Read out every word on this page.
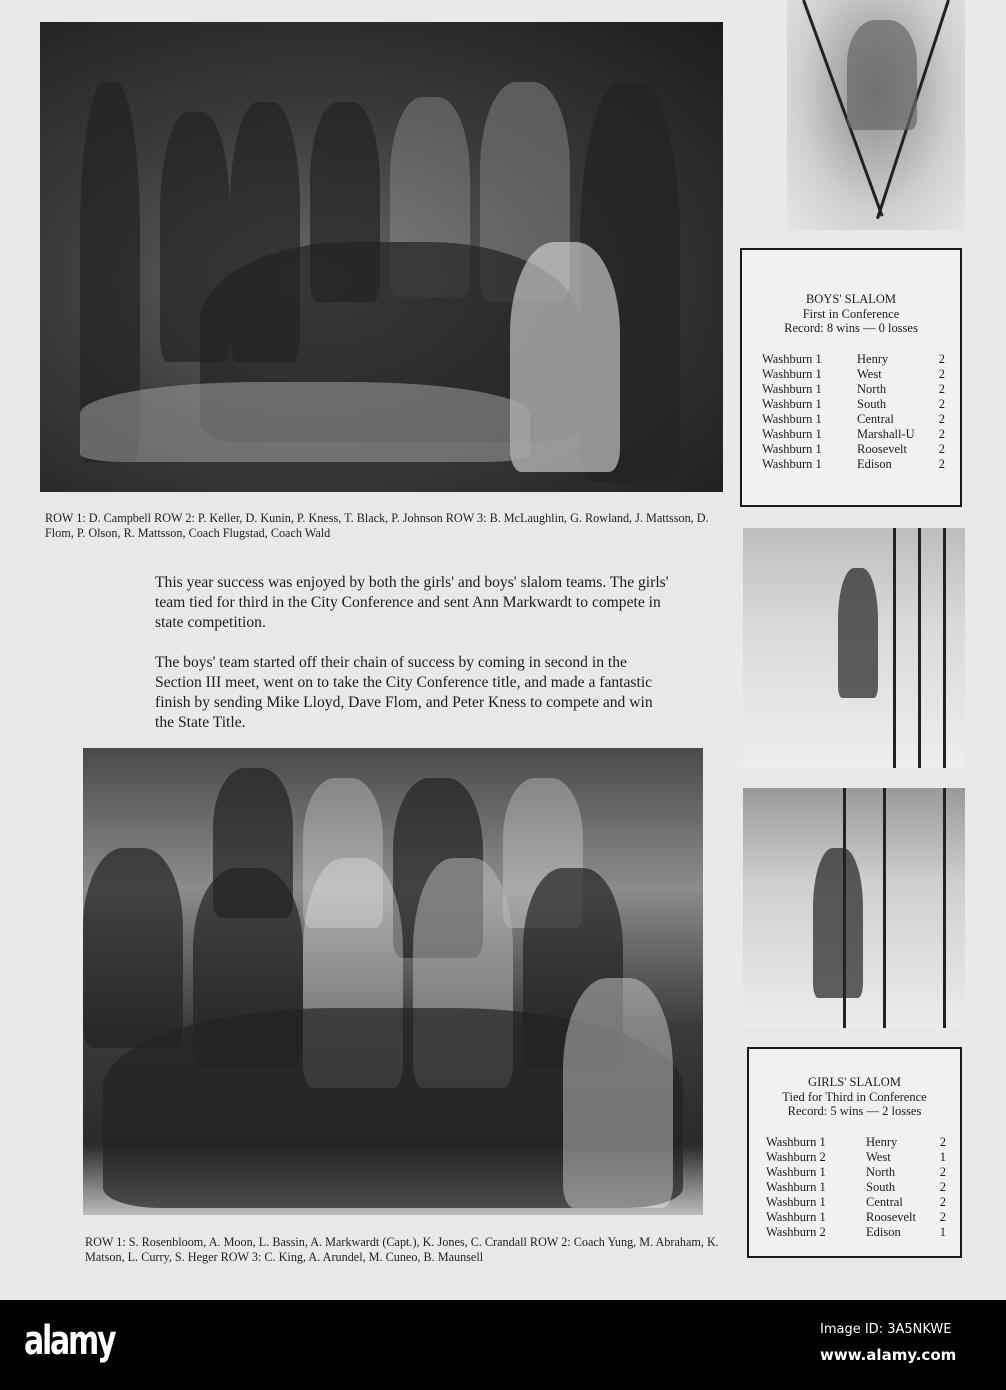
ROW 1: D. Campbell ROW 2: P. Keller, D. Kunin, P. Kness, T. Black, P. Johnson ROW 3: B. McLaughlin, G. Rowland, J. Mattsson, D. Flom, P. Olson, R. Mattsson, Coach Flugstad, Coach Wald
BOYS' SLALOM
First in Conference
Record: 8 wins — 0 losses
Washburn 1	Henry	2
Washburn 1	West	2
Washburn 1	North	2
Washburn 1	South	2
Washburn 1	Central	2
Washburn 1	Marshall-U	2
Washburn 1	Roosevelt	2
Washburn 1	Edison	2

This year success was enjoyed by both the girls' and boys' slalom teams. The girls' team tied for third in the City Conference and sent Ann Markwardt to compete in state competition.

The boys' team started off their chain of success by coming in second in the Section III meet, went on to take the City Conference title, and made a fantastic finish by sending Mike Lloyd, Dave Flom, and Peter Kness to compete and win the State Title.

ROW 1: S. Rosenbloom, A. Moon, L. Bassin, A. Markwardt (Capt.), K. Jones, C. Crandall ROW 2: Coach Yung, M. Abraham, K. Matson, L. Curry, S. Heger ROW 3: C. King, A. Arundel, M. Cuneo, B. Maunsell
GIRLS' SLALOM
Tied for Third in Conference
Record: 5 wins — 2 losses
Washburn 1	Henry	2
Washburn 2	West	1
Washburn 1	North	2
Washburn 1	South	2
Washburn 1	Central	2
Washburn 1	Roosevelt	2
Washburn 2	Edison	1
alamy	Image ID: 3A5NKWE
www.alamy.com
